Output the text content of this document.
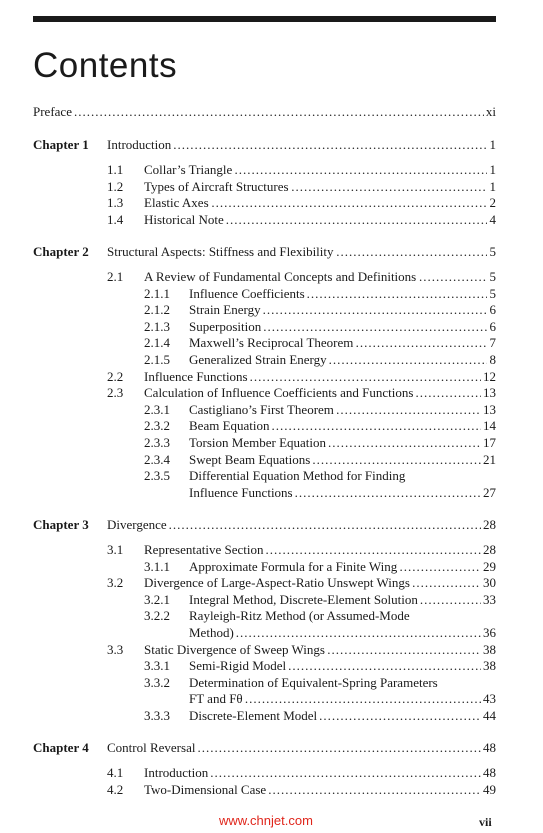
Contents
Preface	xi
.....
Chapter 1 Introduction	1
.....
1.1 Collar’s Triangle	1
.....
1.2 Types of Aircraft Structures	1
.....
1.3 Elastic Axes	2
.....
1.4 Historical Note	4
.....
Chapter 2 Structural Aspects: Stiffness and Flexibility	5
.....
2.1 A Review of Fundamental Concepts and Definitions	5
.....
2.1.1 Influence Coefficients	5
.....
2.1.2 Strain Energy	6
.....
2.1.3 Superposition	6
.....
2.1.4 Maxwell’s Reciprocal Theorem	7
.....
2.1.5 Generalized Strain Energy	8
.....
2.2 Influence Functions	12
.....
2.3 Calculation of Influence Coefficients and Functions	13
.....
2.3.1 Castigliano’s First Theorem	13
.....
2.3.2 Beam Equation	14
.....
2.3.3 Torsion Member Equation	17
.....
2.3.4 Swept Beam Equations	21
.....
2.3.5 Differential Equation Method for Finding
Influence Functions	27
.....
Chapter 3 Divergence	28
.....
3.1 Representative Section	28
.....
3.1.1 Approximate Formula for a Finite Wing	29
.....
3.2 Divergence of Large-Aspect-Ratio Unswept Wings	30
.....
3.2.1 Integral Method, Discrete-Element Solution	33
.....
3.2.2 Rayleigh-Ritz Method (or Assumed-Mode
Method)	36
.....
3.3 Static Divergence of Sweep Wings	38
.....
3.3.1 Semi-Rigid Model	38
.....
3.3.2 Determination of Equivalent-Spring Parameters
FT and Fθ	43
.....
3.3.3 Discrete-Element Model	44
.....
Chapter 4 Control Reversal	48
.....
4.1 Introduction	48
.....
4.2 Two-Dimensional Case	49
.....
www.chnjet.com	vii
